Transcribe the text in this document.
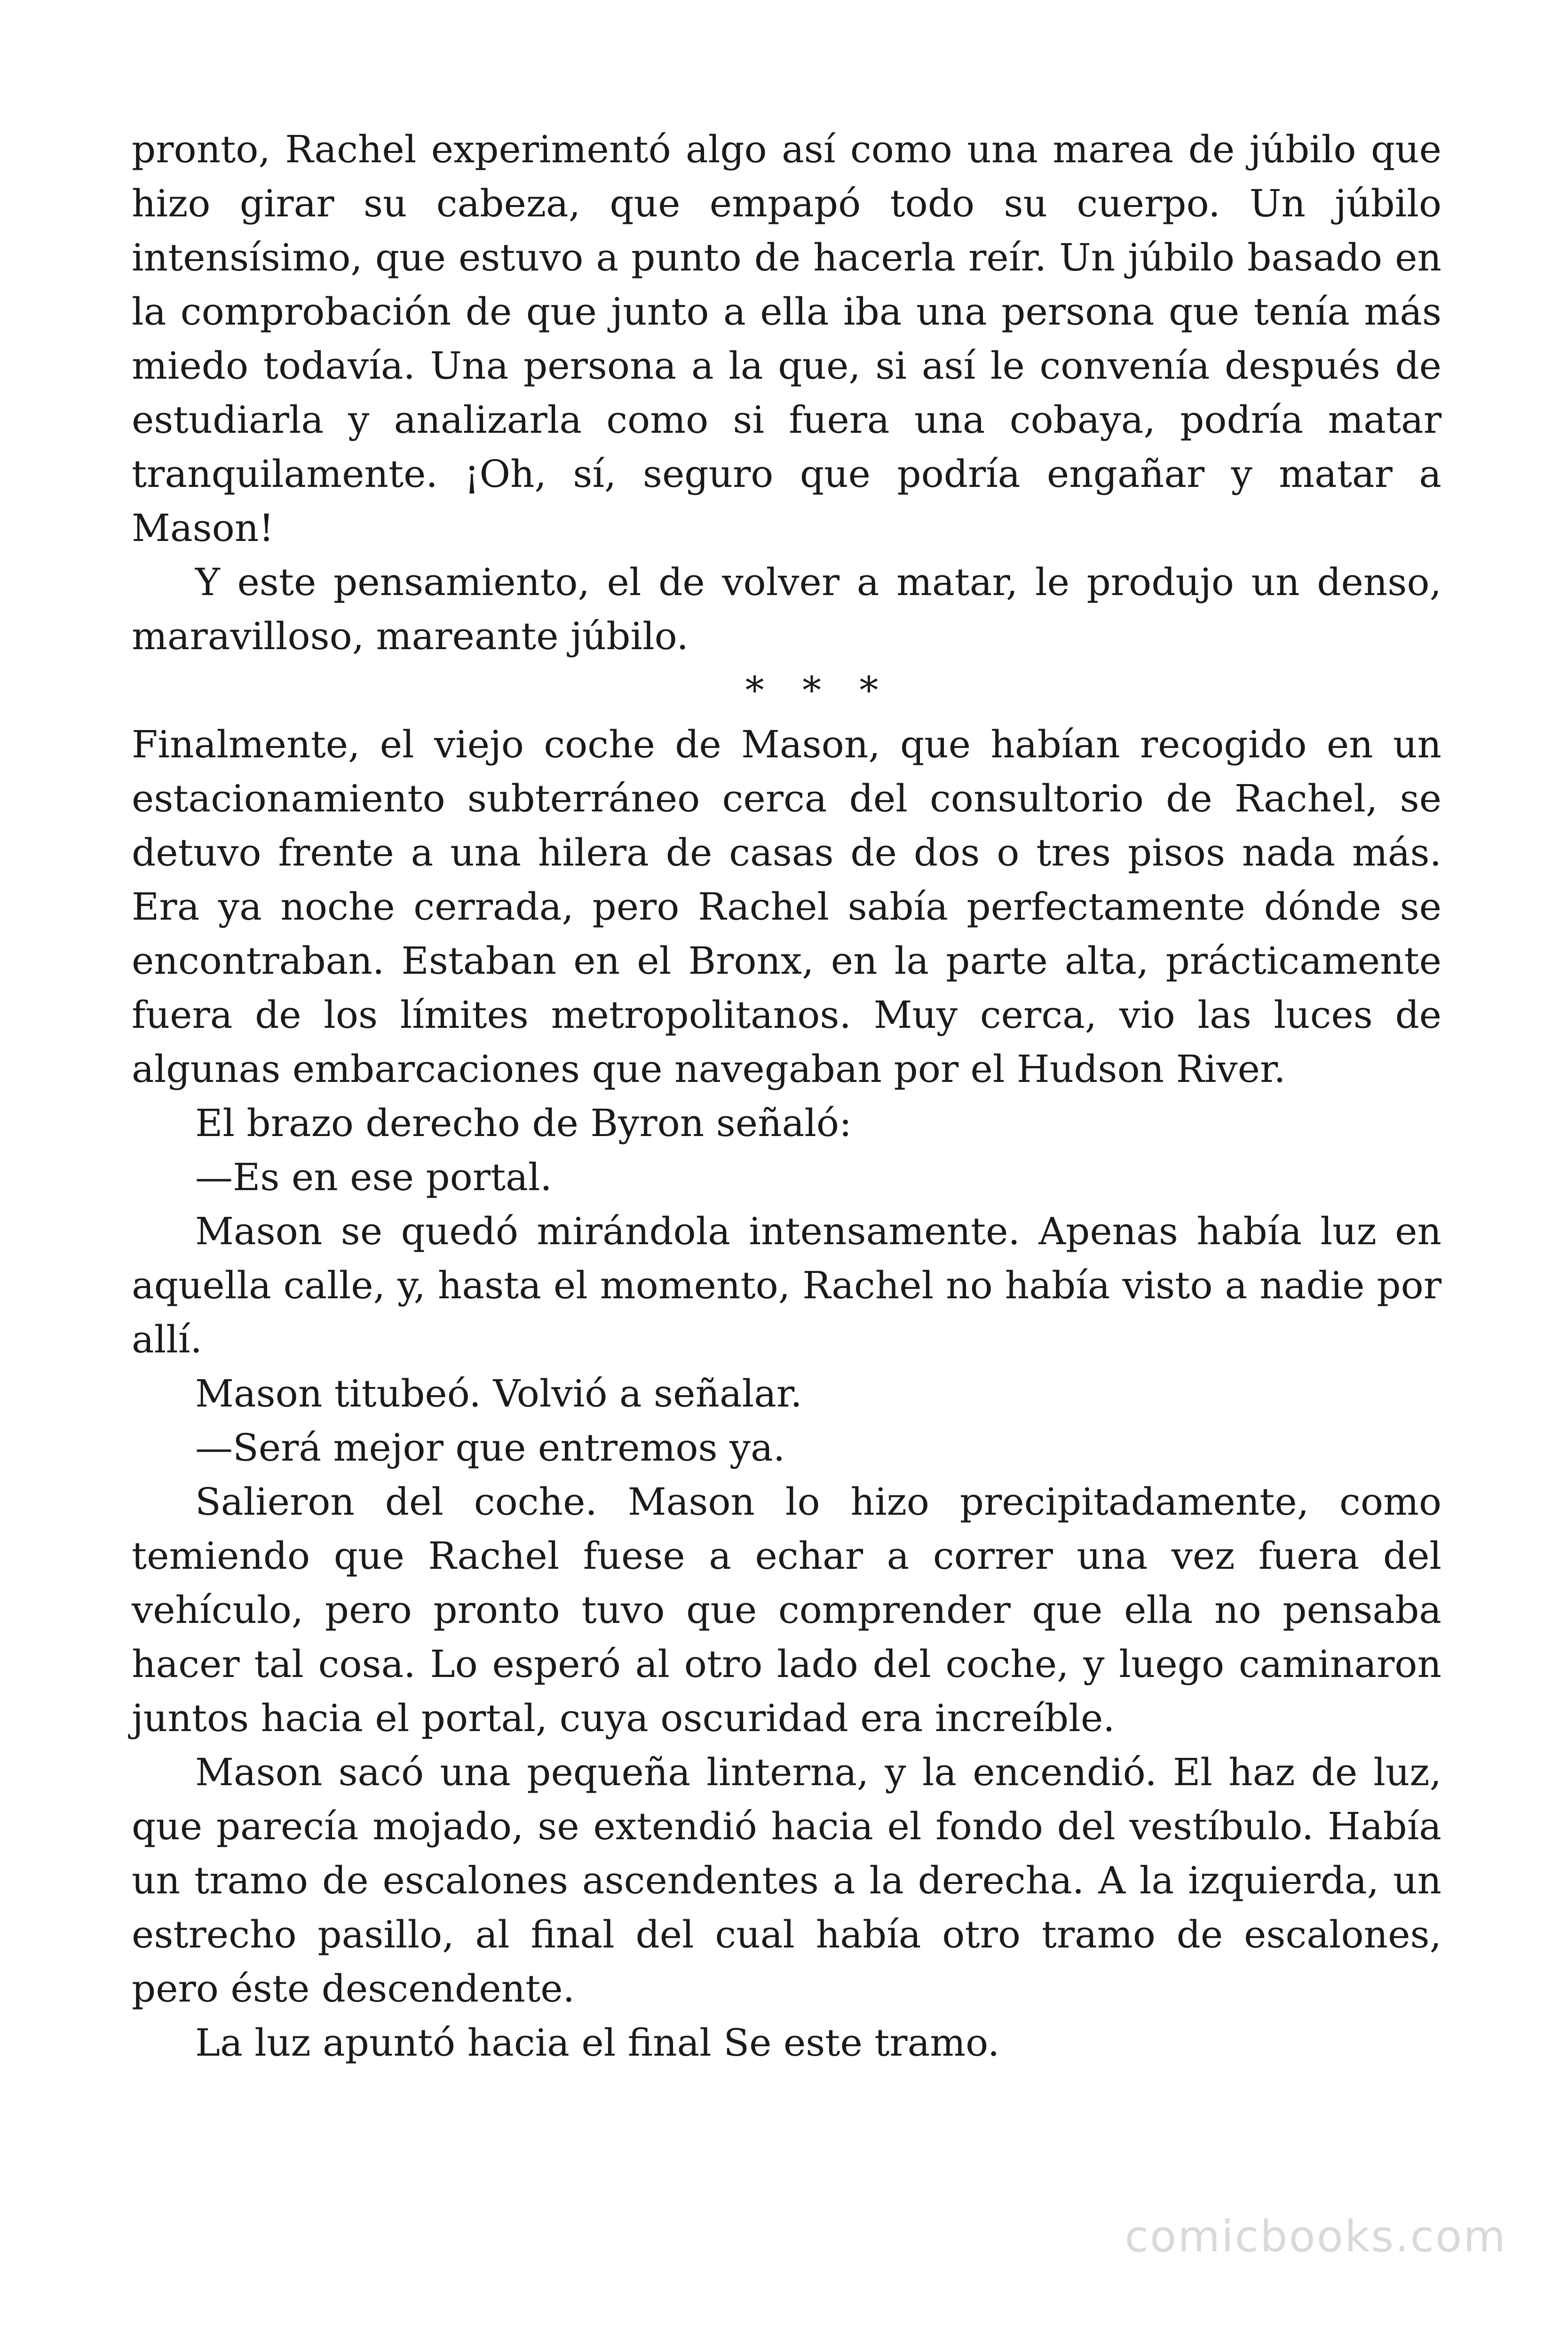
pronto, Rachel experimentó algo así como una marea de júbilo que hizo girar su cabeza, que empapó todo su cuerpo. Un júbilo intensísimo, que estuvo a punto de hacerla reír. Un júbilo basado en la comprobación de que junto a ella iba una persona que tenía más miedo todavía. Una persona a la que, si así le convenía después de estudiarla y analizarla como si fuera una cobaya, podría matar tranquilamente. ¡Oh, sí, seguro que podría engañar y matar a Mason!

Y este pensamiento, el de volver a matar, le produjo un denso, maravilloso, mareante júbilo.

* * *

Finalmente, el viejo coche de Mason, que habían recogido en un estacionamiento subterráneo cerca del consultorio de Rachel, se detuvo frente a una hilera de casas de dos o tres pisos nada más. Era ya noche cerrada, pero Rachel sabía perfectamente dónde se encontraban. Estaban en el Bronx, en la parte alta, prácticamente fuera de los límites metropolitanos. Muy cerca, vio las luces de algunas embarcaciones que navegaban por el Hudson River.

El brazo derecho de Byron señaló:

—Es en ese portal.

Mason se quedó mirándola intensamente. Apenas había luz en aquella calle, y, hasta el momento, Rachel no había visto a nadie por allí.

Mason titubeó. Volvió a señalar.

—Será mejor que entremos ya.

Salieron del coche. Mason lo hizo precipitadamente, como temiendo que Rachel fuese a echar a correr una vez fuera del vehículo, pero pronto tuvo que comprender que ella no pensaba hacer tal cosa. Lo esperó al otro lado del coche, y luego caminaron juntos hacia el portal, cuya oscuridad era increíble.

Mason sacó una pequeña linterna, y la encendió. El haz de luz, que parecía mojado, se extendió hacia el fondo del vestíbulo. Había un tramo de escalones ascendentes a la derecha. A la izquierda, un estrecho pasillo, al final del cual había otro tramo de escalones, pero éste descendente.

La luz apuntó hacia el final Se este tramo.

comicbooks.com
